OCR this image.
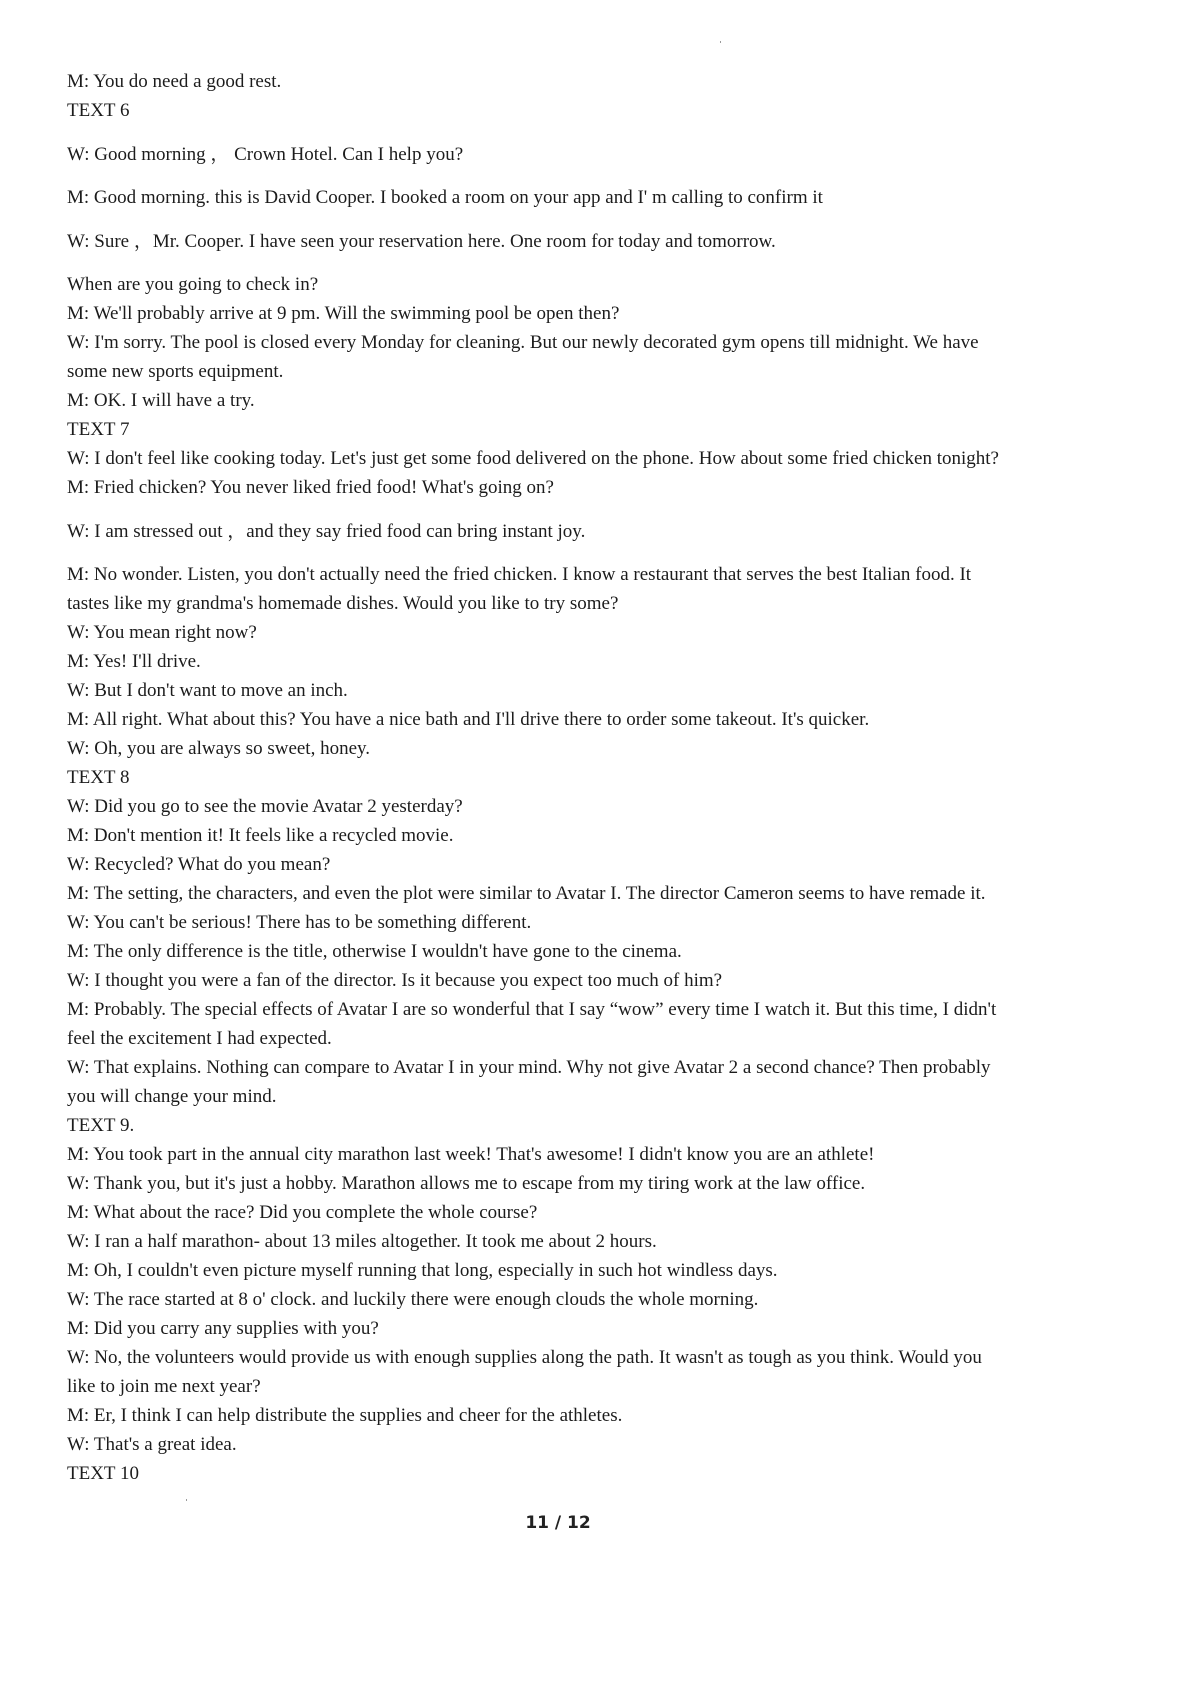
M: You do need a good rest.

TEXT 6

W: Good morning ， Crown Hotel. Can I help you?

M: Good morning. this is David Cooper. I booked a room on your app and I' m calling to confirm it

W: Sure ，Mr. Cooper. I have seen your reservation here. One room for today and tomorrow.

When are you going to check in?

M: We'll probably arrive at 9 pm. Will the swimming pool be open then?

W: I'm sorry. The pool is closed every Monday for cleaning. But our newly decorated gym opens till midnight. We have

some new sports equipment.

M: OK. I will have a try.

TEXT 7

W: I don't feel like cooking today. Let's just get some food delivered on the phone. How about some fried chicken tonight?

M: Fried chicken? You never liked fried food! What's going on?

W: I am stressed out ，and they say fried food can bring instant joy.

M: No wonder. Listen, you don't actually need the fried chicken. I know a restaurant that serves the best Italian food. It

tastes like my grandma's homemade dishes. Would you like to try some?

W: You mean right now?

M: Yes! I'll drive.

W: But I don't want to move an inch.

M: All right. What about this? You have a nice bath and I'll drive there to order some takeout. It's quicker.

W: Oh, you are always so sweet, honey.

TEXT 8

W: Did you go to see the movie Avatar 2 yesterday?

M: Don't mention it! It feels like a recycled movie.

W: Recycled? What do you mean?

M: The setting, the characters, and even the plot were similar to Avatar I. The director Cameron seems to have remade it.

W: You can't be serious! There has to be something different.

M: The only difference is the title, otherwise I wouldn't have gone to the cinema.

W: I thought you were a fan of the director. Is it because you expect too much of him?

M: Probably. The special effects of Avatar I are so wonderful that I say “wow” every time I watch it. But this time, I didn't

feel the excitement I had expected.

W: That explains. Nothing can compare to Avatar I in your mind. Why not give Avatar 2 a second chance? Then probably

you will change your mind.

TEXT 9.

M: You took part in the annual city marathon last week! That's awesome! I didn't know you are an athlete!

W: Thank you, but it's just a hobby. Marathon allows me to escape from my tiring work at the law office.

M: What about the race? Did you complete the whole course?

W: I ran a half marathon- about 13 miles altogether. It took me about 2 hours.

M: Oh, I couldn't even picture myself running that long, especially in such hot windless days.

W: The race started at 8 o' clock. and luckily there were enough clouds the whole morning.

M: Did you carry any supplies with you?

W: No, the volunteers would provide us with enough supplies along the path. It wasn't as tough as you think. Would you

like to join me next year?

M: Er, I think I can help distribute the supplies and cheer for the athletes.

W: That's a great idea.

TEXT 10

11 / 12
